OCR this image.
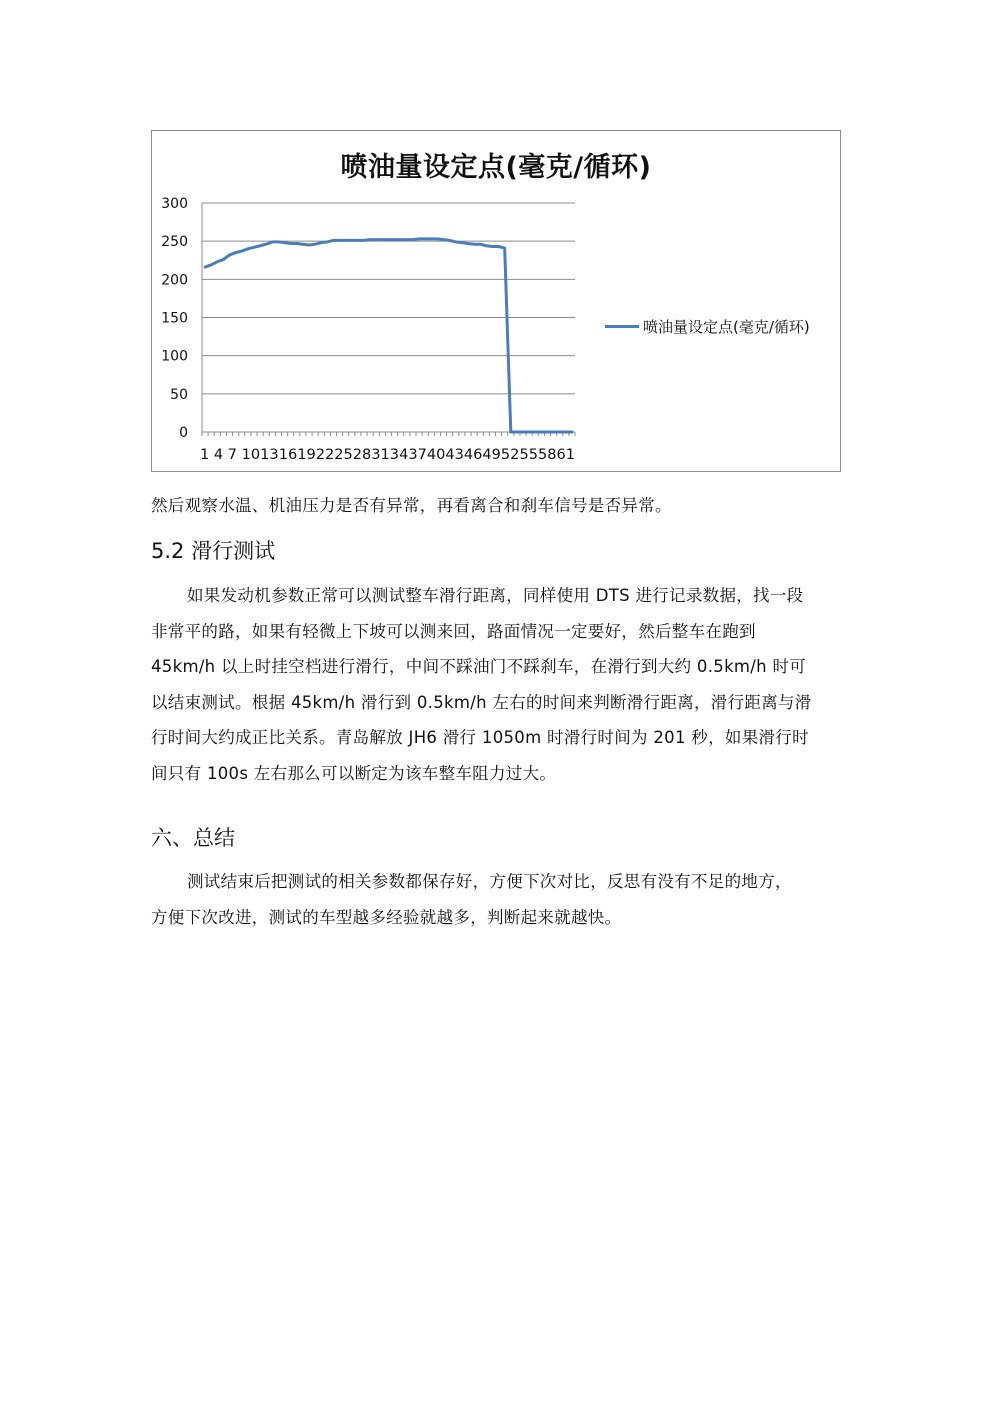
喷油量设定点(毫克/循环)
0
50
100
150
200
250
300
1 4 7 10131619222528313437404346495255586​1
喷油量设定点(毫克/循环)
然后观察水温、机油压力是否有异常，再看离合和刹车信号是否异常。
5.2 滑行测试
如果发动机参数正常可以测试整车滑行距离，同样使用 DTS 进行记录数据，找一段
非常平的路，如果有轻微上下坡可以测来回，路面情况一定要好，然后整车在跑到
45km/h 以上时挂空档进行滑行，中间不踩油门不踩刹车，在滑行到大约 0.5km/h 时可
以结束测试。根据 45km/h 滑行到 0.5km/h 左右的时间来判断滑行距离，滑行距离与滑
行时间大约成正比关系。青岛解放 JH6 滑行 1050m 时滑行时间为 201 秒，如果滑行时
间只有 100s 左右那么可以断定为该车整车阻力过大。
六、总结
测试结束后把测试的相关参数都保存好，方便下次对比，反思有没有不足的地方，
方便下次改进，测试的车型越多经验就越多，判断起来就越快。
